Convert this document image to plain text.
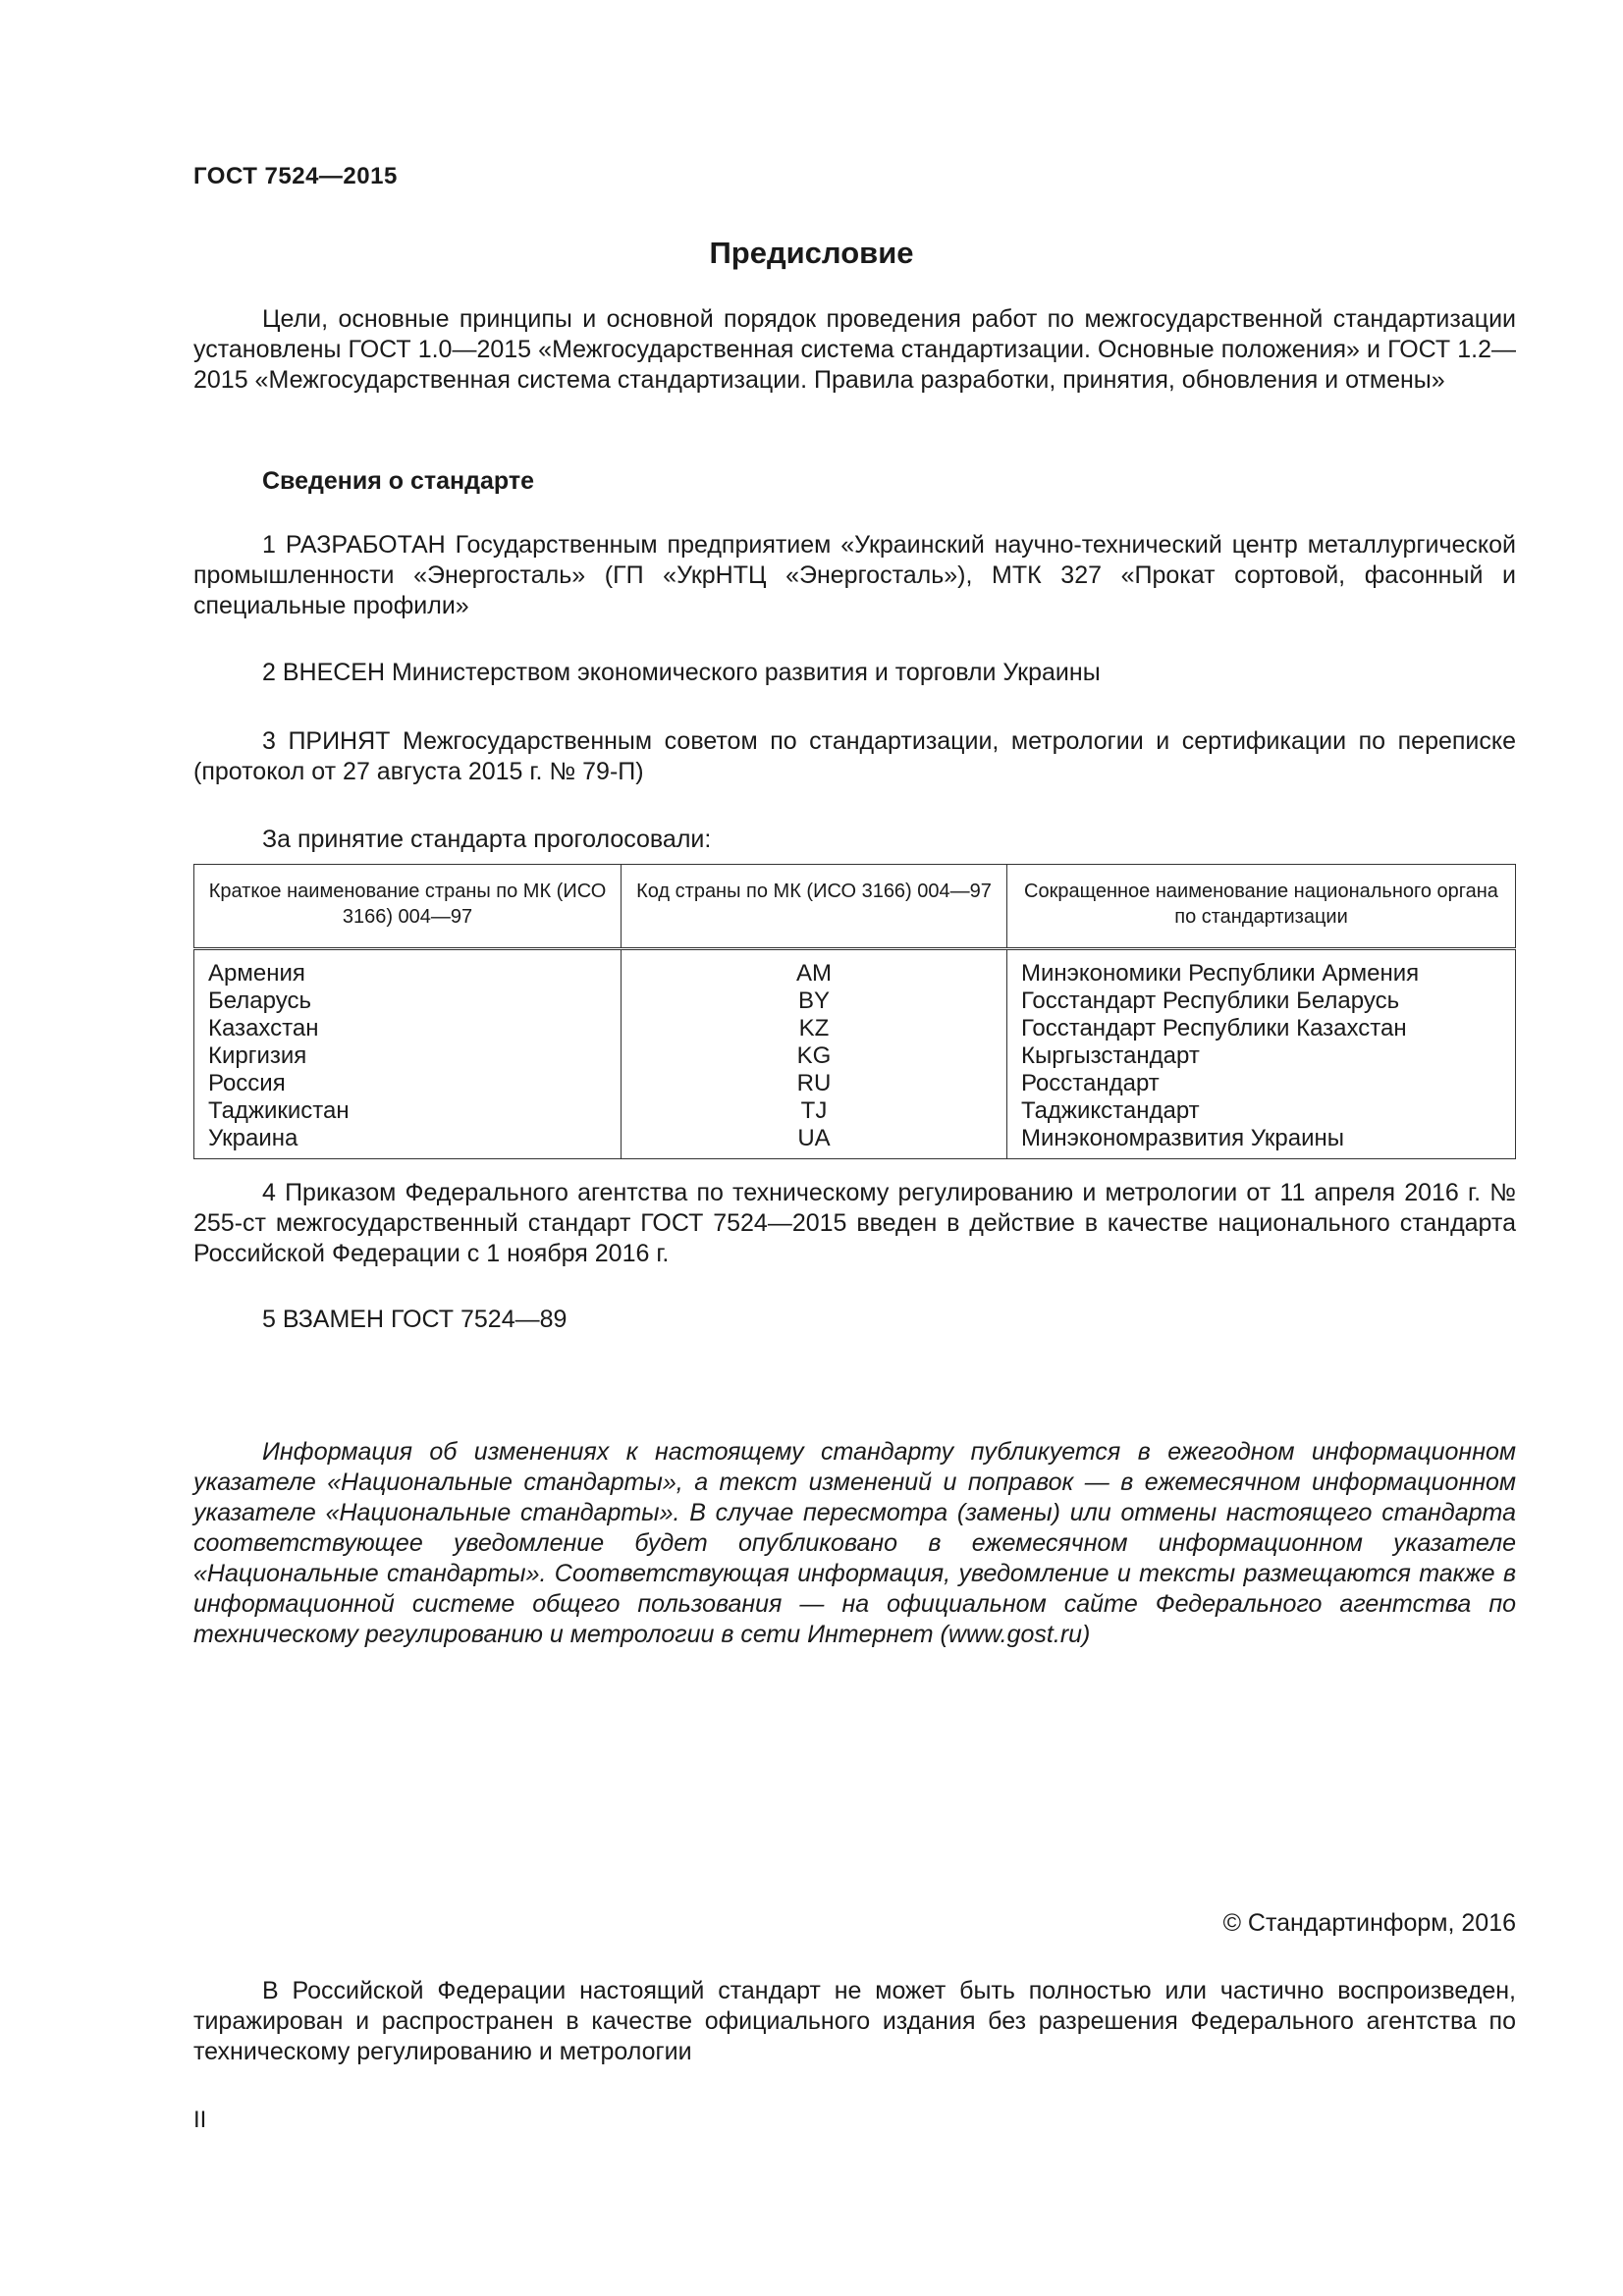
ГОСТ 7524—2015
Предисловие

Цели, основные принципы и основной порядок проведения работ по межгосударственной стандартизации установлены ГОСТ 1.0—2015 «Межгосударственная система стандартизации. Основные положения» и ГОСТ 1.2—2015 «Межгосударственная система стандартизации. Правила разработки, принятия, обновления и отмены»

Сведения о стандарте

1 РАЗРАБОТАН Государственным предприятием «Украинский научно-технический центр металлургической промышленности «Энергосталь» (ГП «УкрНТЦ «Энергосталь»), МТК 327 «Прокат сортовой, фасонный и специальные профили»

2 ВНЕСЕН Министерством экономического развития и торговли Украины

3 ПРИНЯТ Межгосударственным советом по стандартизации, метрологии и сертификации по переписке (протокол от 27 августа 2015 г. № 79-П)

За принятие стандарта проголосовали:

Краткое наименование страны по МК (ИСО 3166) 004—97	Код страны по МК (ИСО 3166) 004—97	Сокращенное наименование национального органа по стандартизации
Армения	AM	Минэкономики Республики Армения
Беларусь	BY	Госстандарт Республики Беларусь
Казахстан	KZ	Госстандарт Республики Казахстан
Киргизия	KG	Кыргызстандарт
Россия	RU	Росстандарт
Таджикистан	TJ	Таджикстандарт
Украина	UA	Минэкономразвития Украины

4 Приказом Федерального агентства по техническому регулированию и метрологии от 11 апреля 2016 г. № 255-ст межгосударственный стандарт ГОСТ 7524—2015 введен в действие в качестве национального стандарта Российской Федерации с 1 ноября 2016 г.

5 ВЗАМЕН ГОСТ 7524—89

Информация об изменениях к настоящему стандарту публикуется в ежегодном информационном указателе «Национальные стандарты», а текст изменений и поправок — в ежемесячном информационном указателе «Национальные стандарты». В случае пересмотра (замены) или отмены настоящего стандарта соответствующее уведомление будет опубликовано в ежемесячном информационном указателе «Национальные стандарты». Соответствующая информация, уведомление и тексты размещаются также в информационной системе общего пользования — на официальном сайте Федерального агентства по техническому регулированию и метрологии в сети Интернет (www.gost.ru)

© Стандартинформ, 2016

В Российской Федерации настоящий стандарт не может быть полностью или частично воспроизведен, тиражирован и распространен в качестве официального издания без разрешения Федерального агентства по техническому регулированию и метрологии

II
